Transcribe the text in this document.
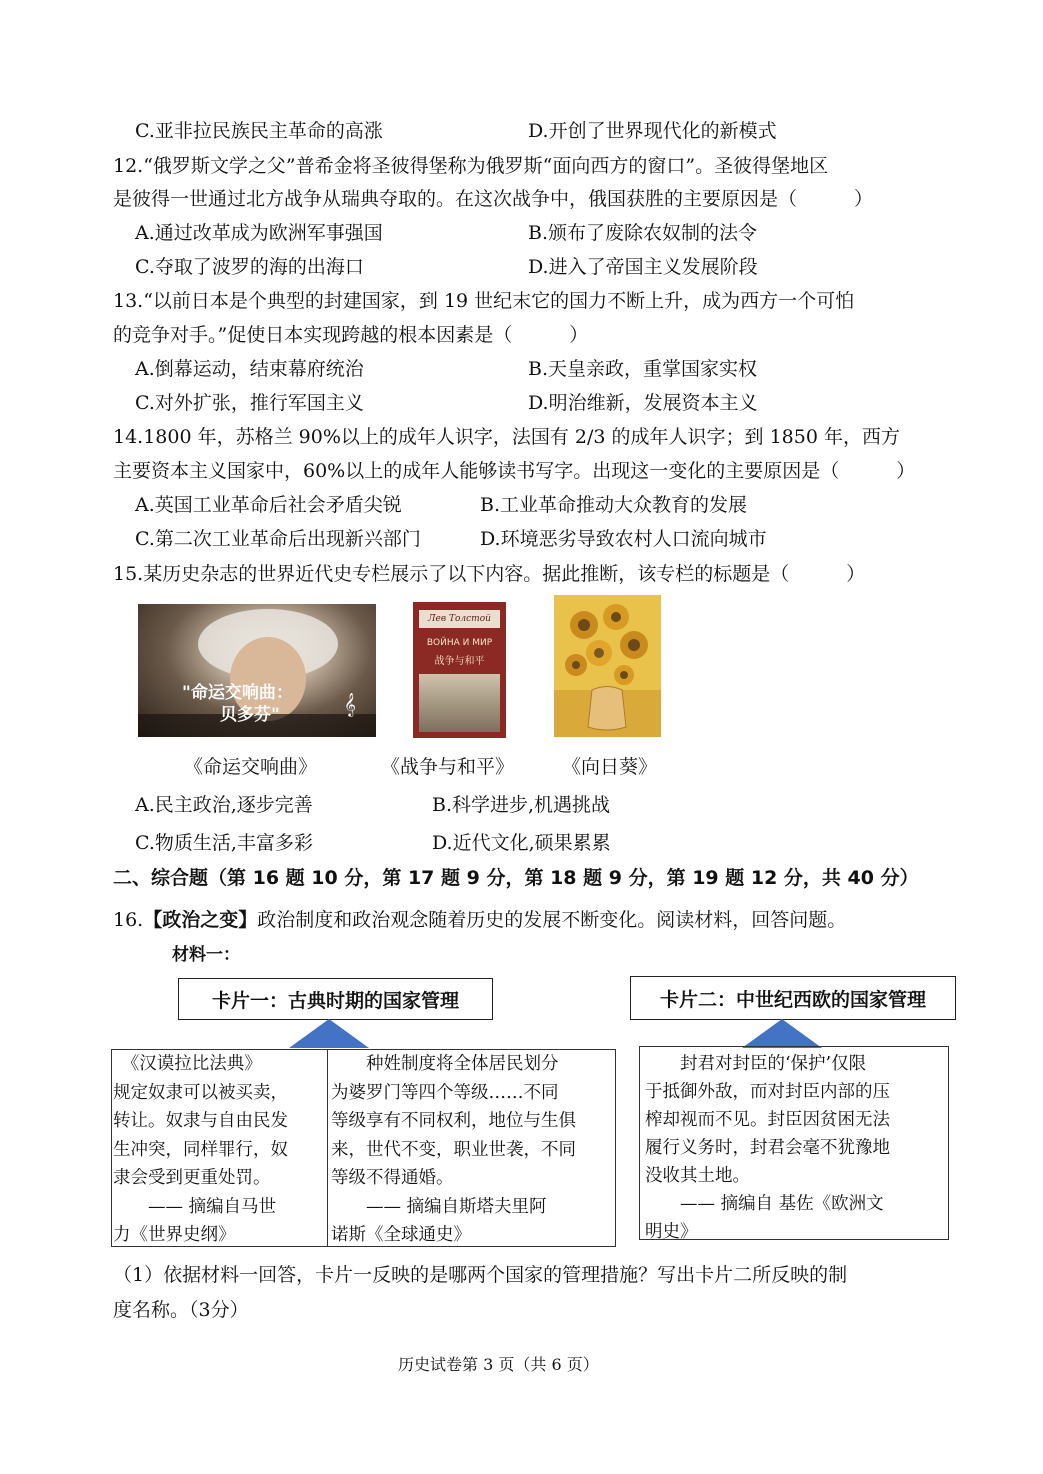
C.亚非拉民族民主革命的高涨	D.开创了世界现代化的新模式
12.“俄罗斯文学之父”普希金将圣彼得堡称为俄罗斯“面向西方的窗口”。圣彼得堡地区
是彼得一世通过北方战争从瑞典夺取的。在这次战争中，俄国获胜的主要原因是（　　　）
A.通过改革成为欧洲军事强国	B.颁布了废除农奴制的法令
C.夺取了波罗的海的出海口	D.进入了帝国主义发展阶段
13.“以前日本是个典型的封建国家，到 19 世纪末它的国力不断上升，成为西方一个可怕
的竞争对手。”促使日本实现跨越的根本因素是（　　　）
A.倒幕运动，结束幕府统治	B.天皇亲政，重掌国家实权
C.对外扩张，推行军国主义	D.明治维新，发展资本主义
14.1800 年，苏格兰 90%以上的成年人识字，法国有 2/3 的成年人识字；到 1850 年，西方
主要资本主义国家中，60%以上的成年人能够读书写字。出现这一变化的主要原因是（　　　）
A.英国工业革命后社会矛盾尖锐	B.工业革命推动大众教育的发展
C.第二次工业革命后出现新兴部门	D.环境恶劣导致农村人口流向城市
15.某历史杂志的世界近代史专栏展示了以下内容。据此推断，该专栏的标题是（　　　）
"命运交响曲：
贝多芬"	𝄞
Лев Толстой
ВОЙНА И МИР
战争与和平
《命运交响曲》	《战争与和平》	《向日葵》
A.民主政治,逐步完善	B.科学进步,机遇挑战
C.物质生活,丰富多彩	D.近代文化,硕果累累
二、综合题（第 16 题 10 分，第 17 题 9 分，第 18 题 9 分，第 19 题 12 分，共 40 分）
16.【政治之变】政治制度和政治观念随着历史的发展不断变化。阅读材料，回答问题。
材料一：
卡片一：古典时期的国家管理
　《汉谟拉比法典》
规定奴隶可以被买卖，
转让。奴隶与自由民发
生冲突，同样罪行，奴
隶会受到更重处罚。
　　—— 摘编自马世
力《世界史纲》
　　种姓制度将全体居民划分
为婆罗门等四个等级……不同
等级享有不同权利，地位与生俱
来，世代不变，职业世袭，不同
等级不得通婚。
　　—— 摘编自斯塔夫里阿
诺斯《全球通史》
卡片二：中世纪西欧的国家管理
　　封君对封臣的‘保护’仅限
于抵御外敌，而对封臣内部的压
榨却视而不见。封臣因贫困无法
履行义务时，封君会毫不犹豫地
没收其土地。
　　—— 摘编自 基佐《欧洲文
明史》
（1）依据材料一回答，卡片一反映的是哪两个国家的管理措施？写出卡片二所反映的制
度名称。（3分）
历史试卷第 3 页（共 6 页）
